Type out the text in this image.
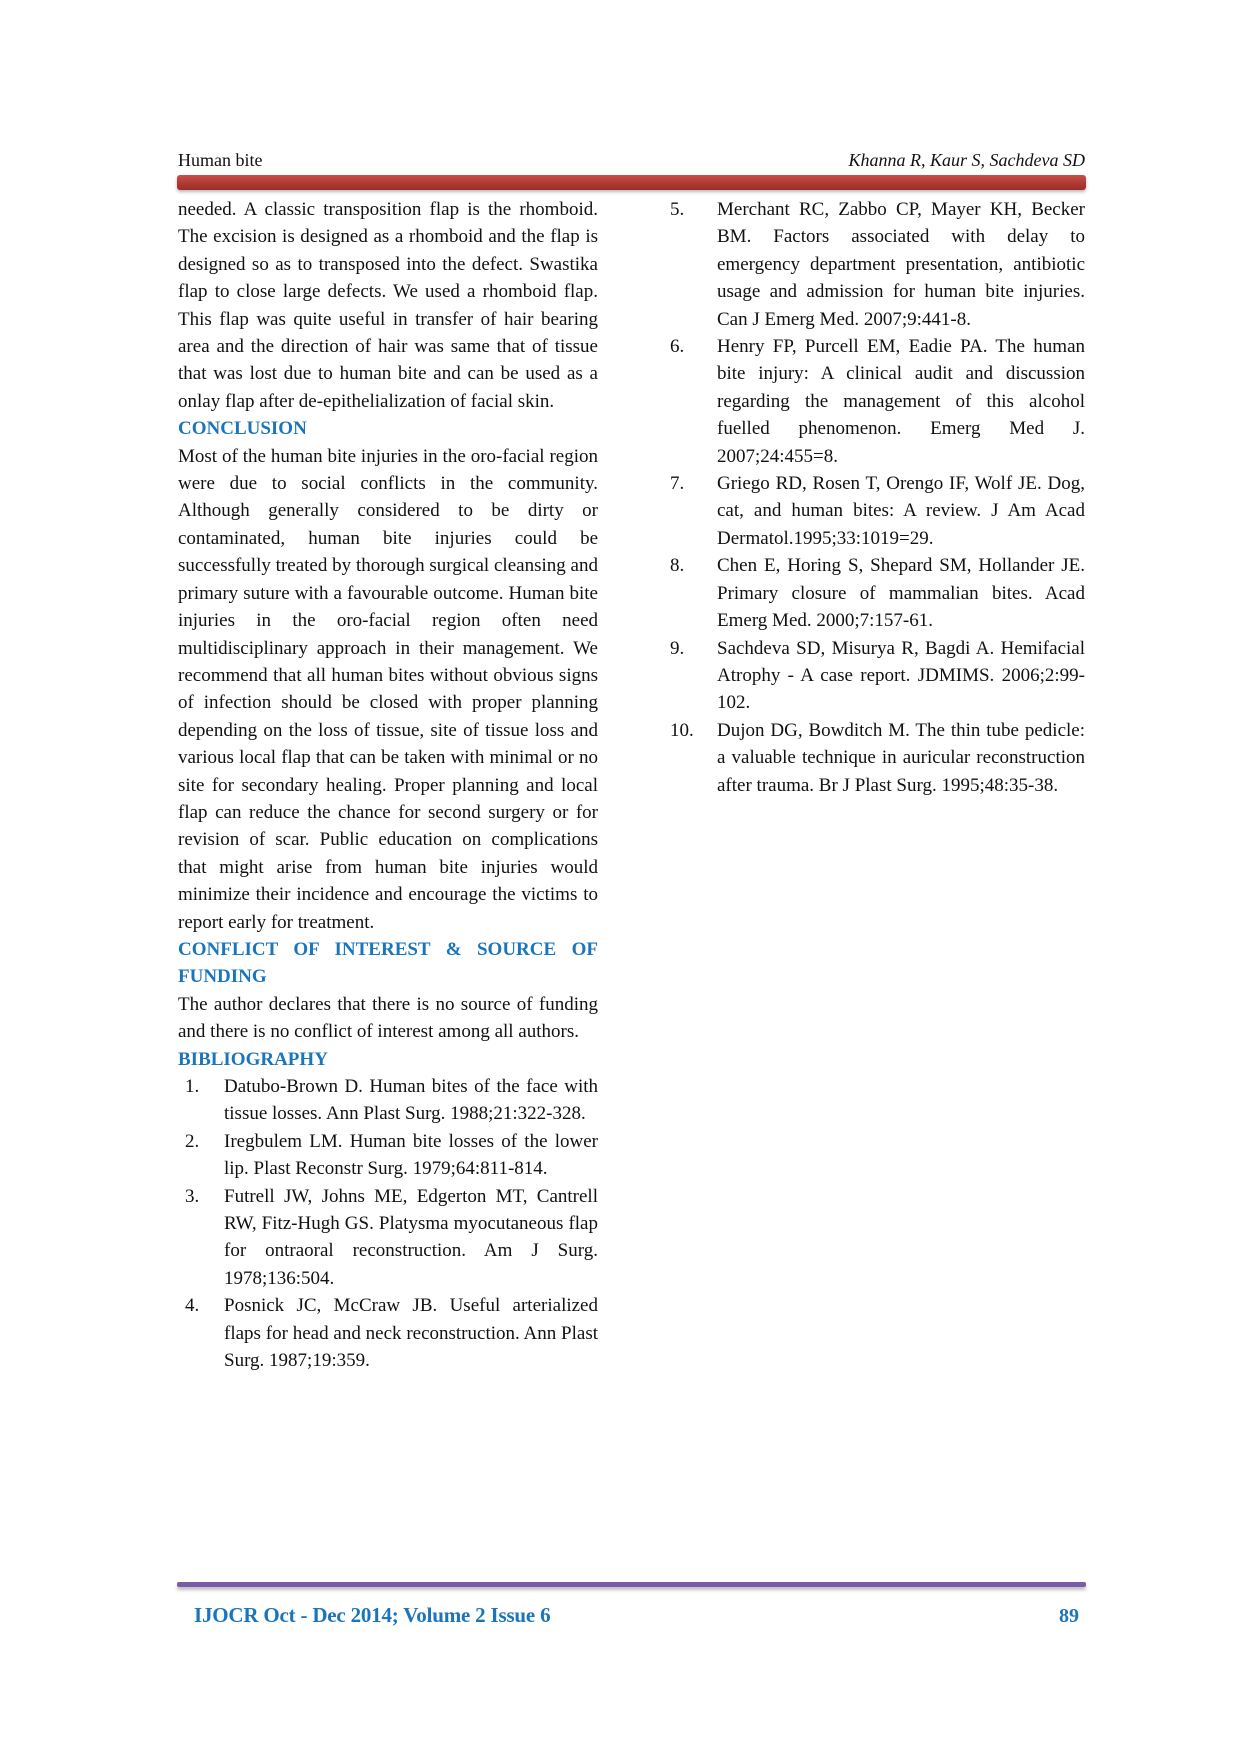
Human bite	Khanna R, Kaur S, Sachdeva SD

needed. A classic transposition flap is the rhomboid. The excision is designed as a rhomboid and the flap is designed so as to transposed into the defect. Swastika flap to close large defects. We used a rhomboid flap. This flap was quite useful in transfer of hair bearing area and the direction of hair was same that of tissue that was lost due to human bite and can be used as a onlay flap after de-epithelialization of facial skin.

CONCLUSION

Most of the human bite injuries in the oro-facial region were due to social conflicts in the community. Although generally considered to be dirty or contaminated, human bite injuries could be successfully treated by thorough surgical cleansing and primary suture with a favourable outcome. Human bite injuries in the oro-facial region often need multidisciplinary approach in their management. We recommend that all human bites without obvious signs of infection should be closed with proper planning depending on the loss of tissue, site of tissue loss and various local flap that can be taken with minimal or no site for secondary healing. Proper planning and local flap can reduce the chance for second surgery or for revision of scar. Public education on complications that might arise from human bite injuries would minimize their incidence and encourage the victims to report early for treatment.

CONFLICT OF INTEREST & SOURCE OF FUNDING

The author declares that there is no source of funding and there is no conflict of interest among all authors.

BIBLIOGRAPHY
1. Datubo-Brown D. Human bites of the face with tissue losses. Ann Plast Surg. 1988;21:322-328.
2. Iregbulem LM. Human bite losses of the lower lip. Plast Reconstr Surg. 1979;64:811-814.
3. Futrell JW, Johns ME, Edgerton MT, Cantrell RW, Fitz-Hugh GS. Platysma myocutaneous flap for ontraoral reconstruction. Am J Surg. 1978;136:504.
4. Posnick JC, McCraw JB. Useful arterialized flaps for head and neck reconstruction. Ann Plast Surg. 1987;19:359.
5. Merchant RC, Zabbo CP, Mayer KH, Becker BM. Factors associated with delay to emergency department presentation, antibiotic usage and admission for human bite injuries. Can J Emerg Med. 2007;9:441-8.
6. Henry FP, Purcell EM, Eadie PA. The human bite injury: A clinical audit and discussion regarding the management of this alcohol fuelled phenomenon. Emerg Med J. 2007;24:455=8.
7. Griego RD, Rosen T, Orengo IF, Wolf JE. Dog, cat, and human bites: A review. J Am Acad Dermatol.1995;33:1019=29.
8. Chen E, Horing S, Shepard SM, Hollander JE. Primary closure of mammalian bites. Acad Emerg Med. 2000;7:157-61.
9. Sachdeva SD, Misurya R, Bagdi A. Hemifacial Atrophy - A case report. JDMIMS. 2006;2:99-102.
10. Dujon DG, Bowditch M. The thin tube pedicle: a valuable technique in auricular reconstruction after trauma. Br J Plast Surg. 1995;48:35-38.
IJOCR Oct - Dec 2014; Volume 2 Issue 6	89
